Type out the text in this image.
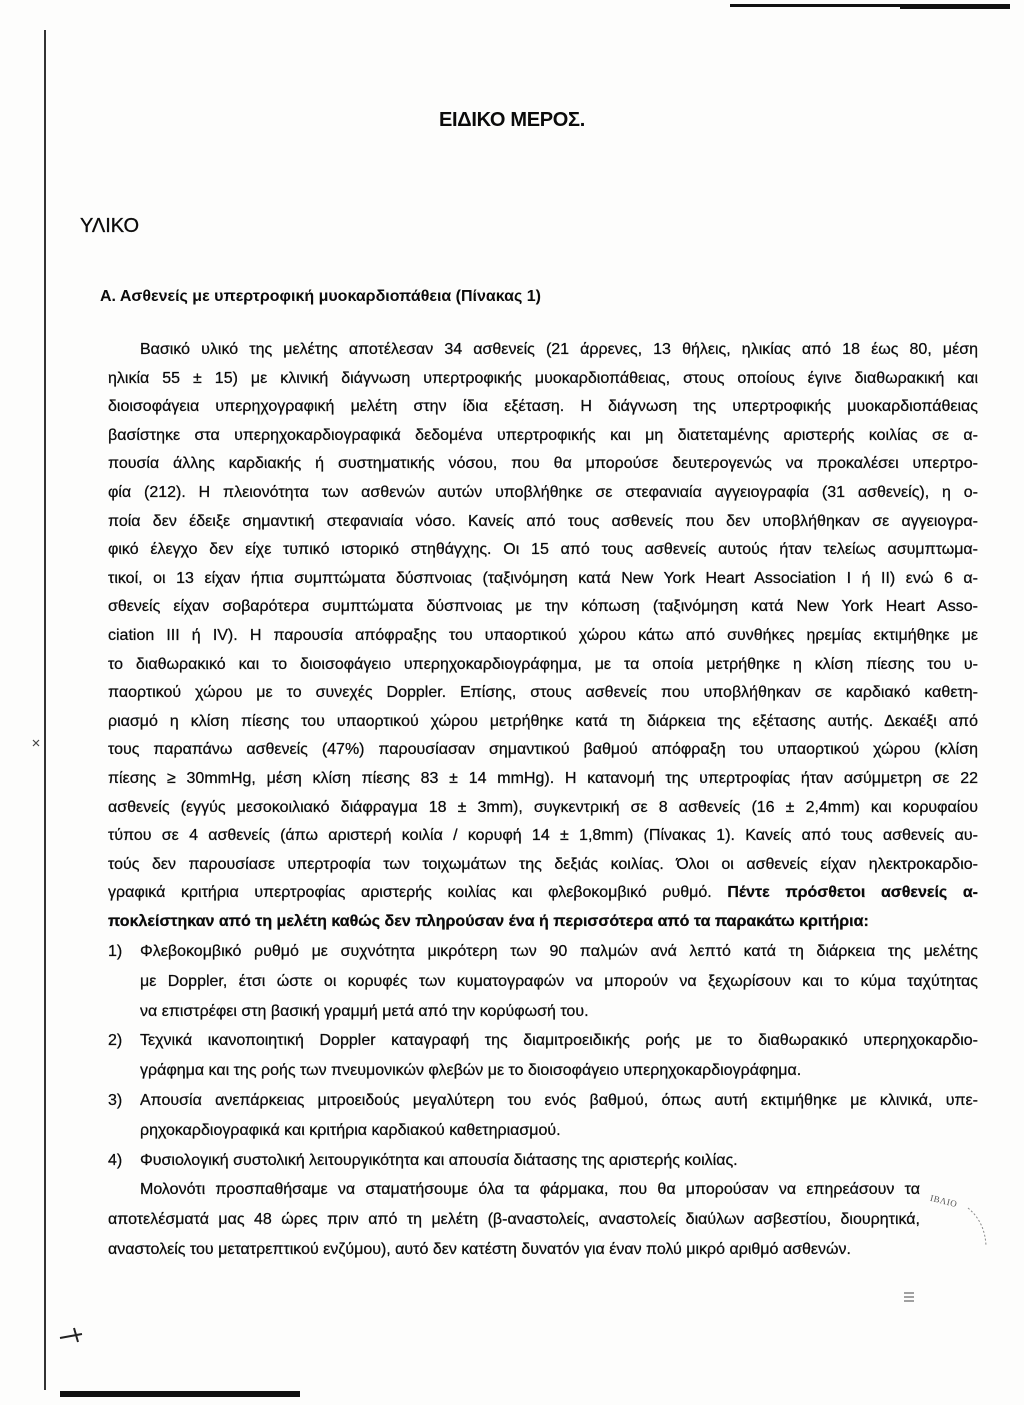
ΕΙΔΙΚΟ ΜΕΡΟΣ.
ΥΛΙΚΟ
Α. Ασθενείς με υπερτροφική μυοκαρδιοπάθεια (Πίνακας 1)
Βασικό υλικό της μελέτης αποτέλεσαν 34 ασθενείς (21 άρρενες, 13 θήλεις, ηλικίας από 18 έως 80, μέση
ηλικία 55 ± 15) με κλινική διάγνωση υπερτροφικής μυοκαρδιοπάθειας, στους οποίους έγινε διαθωρακική και
διοισοφάγεια υπερηχογραφική μελέτη στην ίδια εξέταση. Η διάγνωση της υπερτροφικής μυοκαρδιοπάθειας
βασίστηκε στα υπερηχοκαρδιογραφικά δεδομένα υπερτροφικής και μη διατεταμένης αριστερής κοιλίας σε α-
πουσία άλλης καρδιακής ή συστηματικής νόσου, που θα μπορούσε δευτερογενώς να προκαλέσει υπερτρο-
φία (212). Η πλειονότητα των ασθενών αυτών υποβλήθηκε σε στεφανιαία αγγειογραφία (31 ασθενείς), η ο-
ποία δεν έδειξε σημαντική στεφανιαία νόσο. Κανείς από τους ασθενείς που δεν υποβλήθηκαν σε αγγειογρα-
φικό έλεγχο δεν είχε τυπικό ιστορικό στηθάγχης. Οι 15 από τους ασθενείς αυτούς ήταν τελείως ασυμπτωμα-
τικοί, οι 13 είχαν ήπια συμπτώματα δύσπνοιας (ταξινόμηση κατά New York Heart Association I ή II) ενώ 6 α-
σθενείς είχαν σοβαρότερα συμπτώματα δύσπνοιας με την κόπωση (ταξινόμηση κατά New York Heart Asso-
ciation III ή IV). Η παρουσία απόφραξης του υπαορτικού χώρου κάτω από συνθήκες ηρεμίας εκτιμήθηκε με
το διαθωρακικό και το διοισοφάγειο υπερηχοκαρδιογράφημα, με τα οποία μετρήθηκε η κλίση πίεσης του υ-
παορτικού χώρου με το συνεχές Doppler. Επίσης, στους ασθενείς που υποβλήθηκαν σε καρδιακό καθετη-
ριασμό η κλίση πίεσης του υπαορτικού χώρου μετρήθηκε κατά τη διάρκεια της εξέτασης αυτής. Δεκαέξι από
τους παραπάνω ασθενείς (47%) παρουσίασαν σημαντικού βαθμού απόφραξη του υπαορτικού χώρου (κλίση
πίεσης ≥ 30mmHg, μέση κλίση πίεσης 83 ± 14 mmHg). Η κατανομή της υπερτροφίας ήταν ασύμμετρη σε 22
ασθενείς (εγγύς μεσοκοιλιακό διάφραγμα 18 ± 3mm), συγκεντρική σε 8 ασθενείς (16 ± 2,4mm) και κορυφαίου
τύπου σε 4 ασθενείς (άπω αριστερή κοιλία / κορυφή 14 ± 1,8mm) (Πίνακας 1). Κανείς από τους ασθενείς αυ-
τούς δεν παρουσίασε υπερτροφία των τοιχωμάτων της δεξιάς κοιλίας. Όλοι οι ασθενείς είχαν ηλεκτροκαρδιο-
γραφικά κριτήρια υπερτροφίας αριστερής κοιλίας και φλεβοκομβικό ρυθμό. Πέντε πρόσθετοι ασθενείς α-
ποκλείστηκαν από τη μελέτη καθώς δεν πληρούσαν ένα ή περισσότερα από τα παρακάτω κριτήρια:
1)	Φλεβοκομβικό ρυθμό με συχνότητα μικρότερη των 90 παλμών ανά λεπτό κατά τη διάρκεια της μελέτης
με Doppler, έτσι ώστε οι κορυφές των κυματογραφών να μπορούν να ξεχωρίσουν και το κύμα ταχύτητας
να επιστρέφει στη βασική γραμμή μετά από την κορύφωσή του.
2)	Τεχνικά ικανοποιητική Doppler καταγραφή της διαμιτροειδικής ροής με το διαθωρακικό υπερηχοκαρδιο-
γράφημα και της ροής των πνευμονικών φλεβών με το διοισοφάγειο υπερηχοκαρδιογράφημα.
3)	Απουσία ανεπάρκειας μιτροειδούς μεγαλύτερη του ενός βαθμού, όπως αυτή εκτιμήθηκε με κλινικά, υπε-
ρηχοκαρδιογραφικά και κριτήρια καρδιακού καθετηριασμού.
4)	Φυσιολογική συστολική λειτουργικότητα και απουσία διάτασης της αριστερής κοιλίας.
Μολονότι προσπαθήσαμε να σταματήσουμε όλα τα φάρμακα, που θα μπορούσαν να επηρεάσουν τα
αποτελέσματά μας 48 ώρες πριν από τη μελέτη (β-αναστολείς, αναστολείς διαύλων ασβεστίου, διουρητικά,
αναστολείς του μετατρεπτικού ενζύμου), αυτό δεν κατέστη δυνατόν για έναν πολύ μικρό αριθμό ασθενών.
ΙΒΛΙΟ
